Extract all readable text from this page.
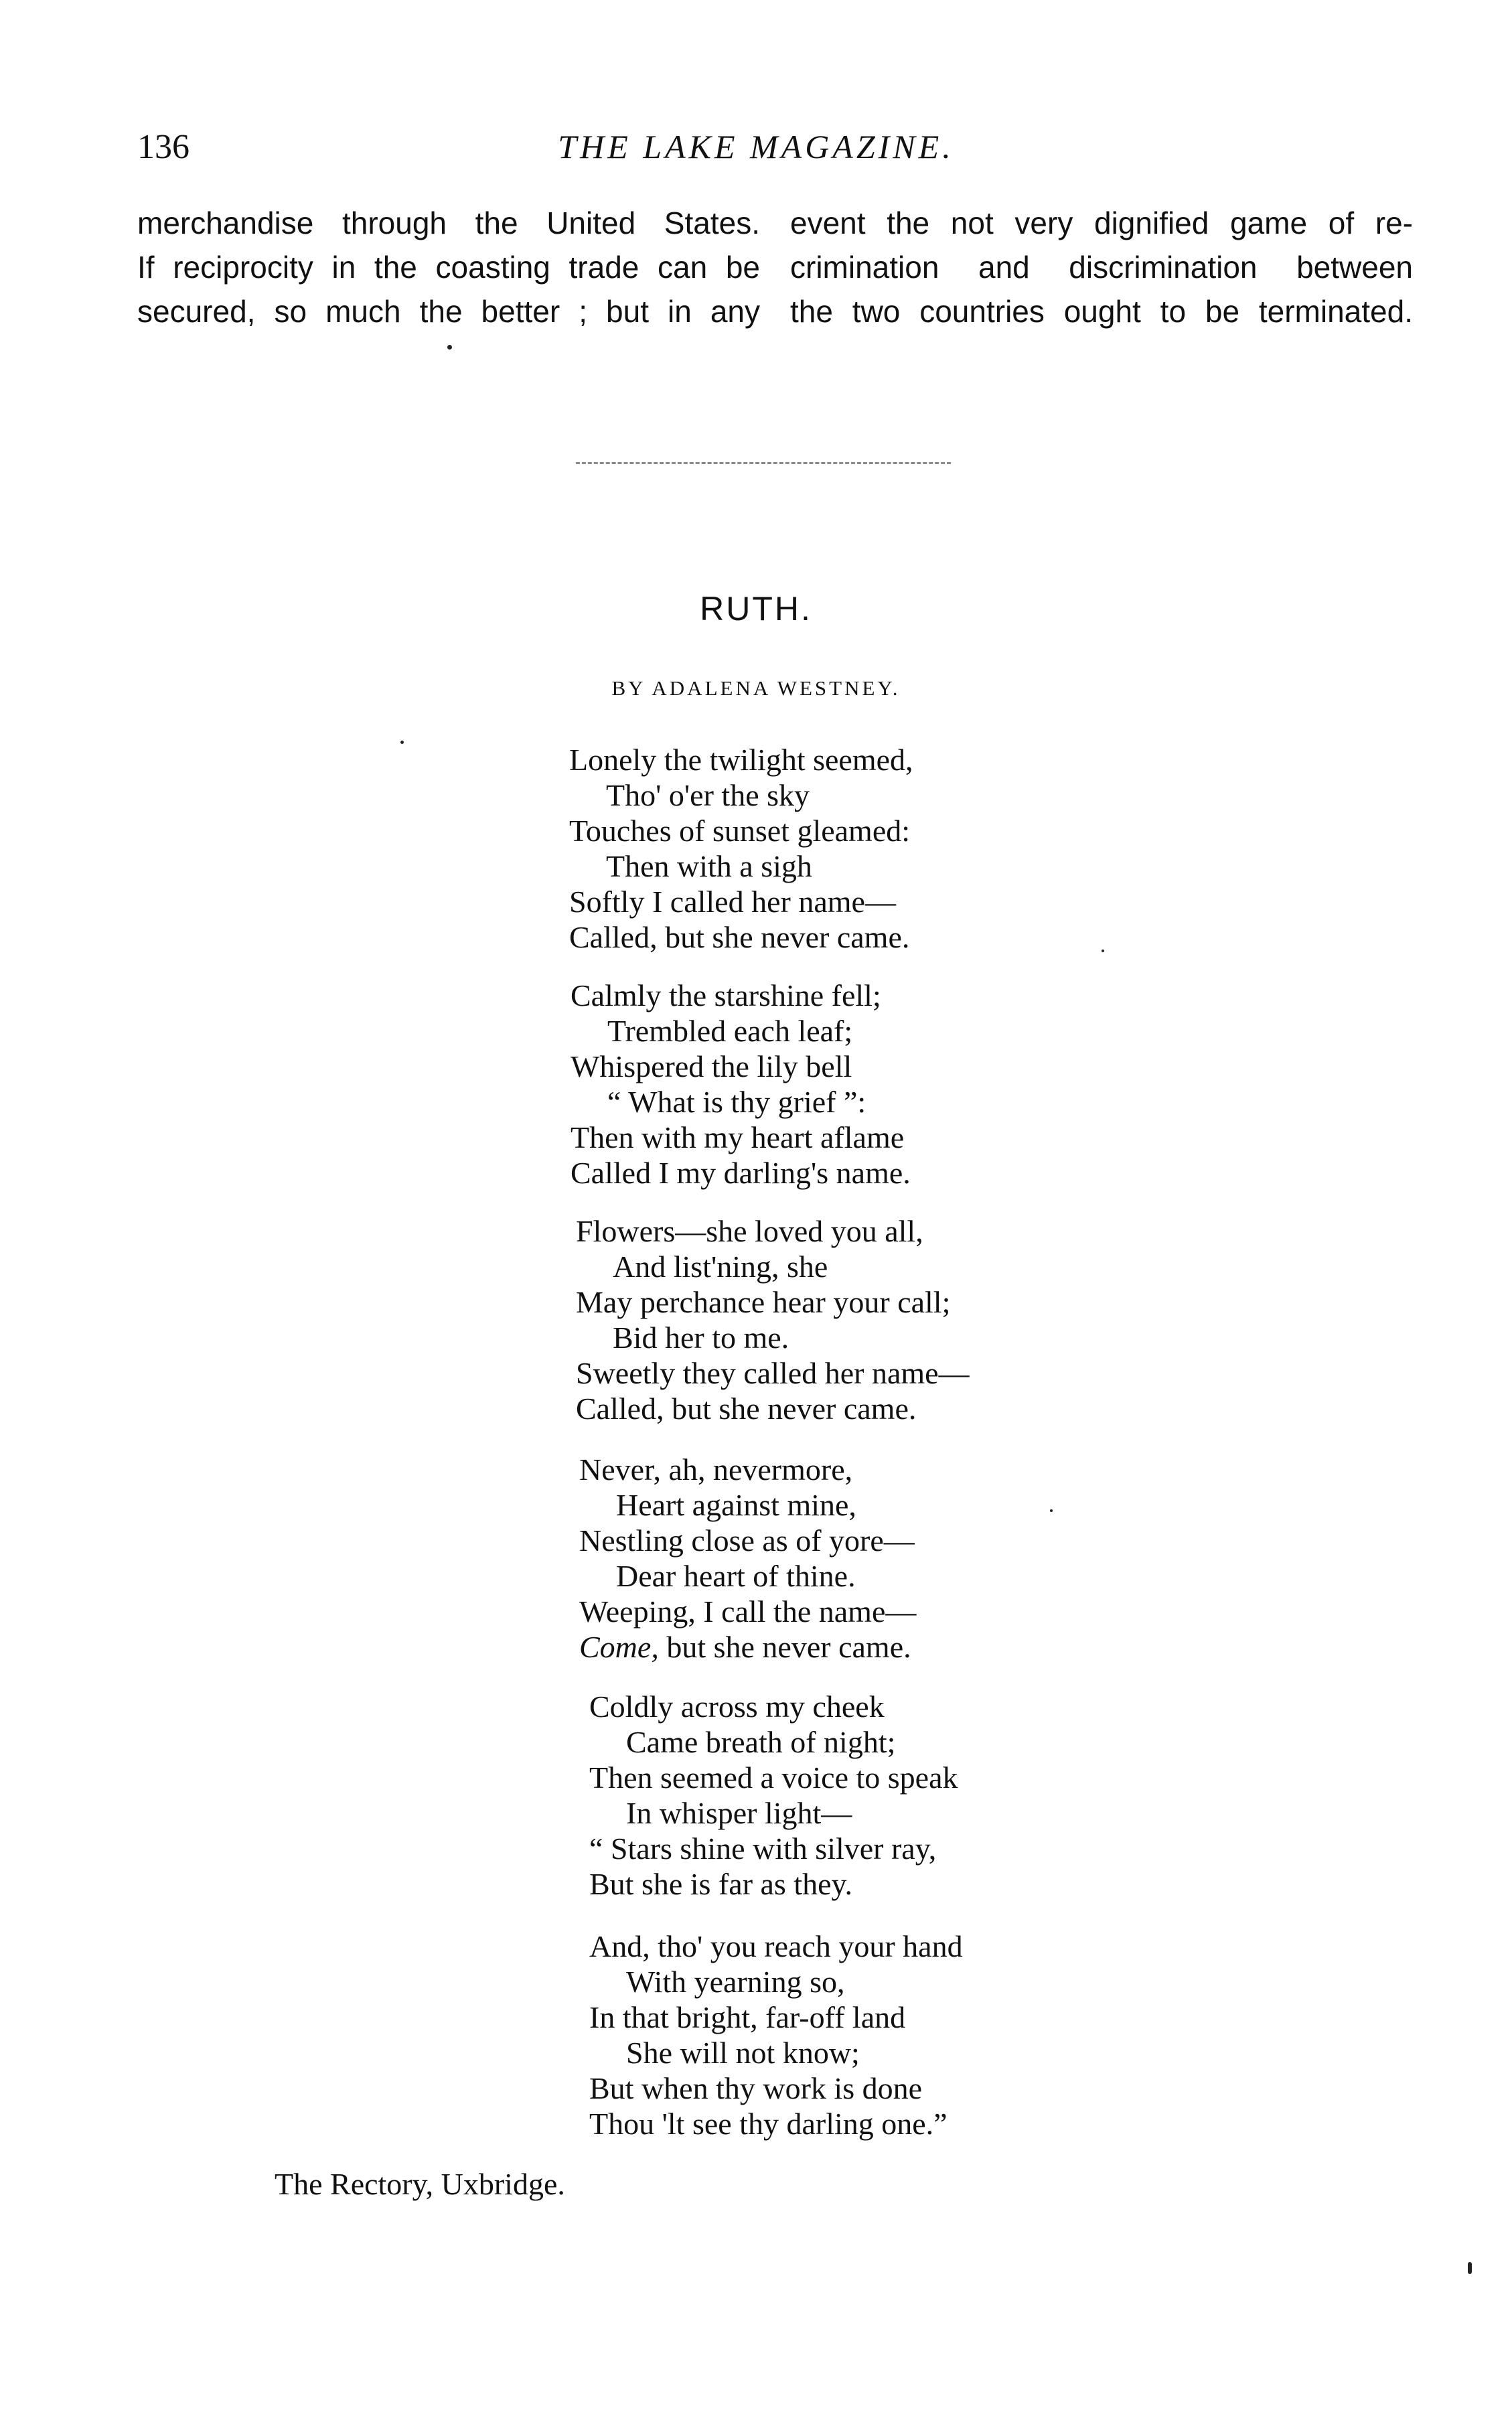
136	THE LAKE MAGAZINE.
merchandise through the United States.
If reciprocity in the coasting trade can be
secured, so much the better ; but in any
event the not very dignified game of re-
crimination and discrimination between
the two countries ought to be terminated.
RUTH.
BY ADALENA WESTNEY.
Lonely the twilight seemed,
Tho' o'er the sky
Touches of sunset gleamed:
Then with a sigh
Softly I called her name—
Called, but she never came.
Calmly the starshine fell;
Trembled each leaf;
Whispered the lily bell
“ What is thy grief ”:
Then with my heart aflame
Called I my darling's name.
Flowers—she loved you all,
And list'ning, she
May perchance hear your call;
Bid her to me.
Sweetly they called her name—
Called, but she never came.
Never, ah, nevermore,
Heart against mine,
Nestling close as of yore—
Dear heart of thine.
Weeping, I call the name—
Come, but she never came.
Coldly across my cheek
Came breath of night;
Then seemed a voice to speak
In whisper light—
“ Stars shine with silver ray,
But she is far as they.
And, tho' you reach your hand
With yearning so,
In that bright, far-off land
She will not know;
But when thy work is done
Thou 'lt see thy darling one.”
The Rectory, Uxbridge.
